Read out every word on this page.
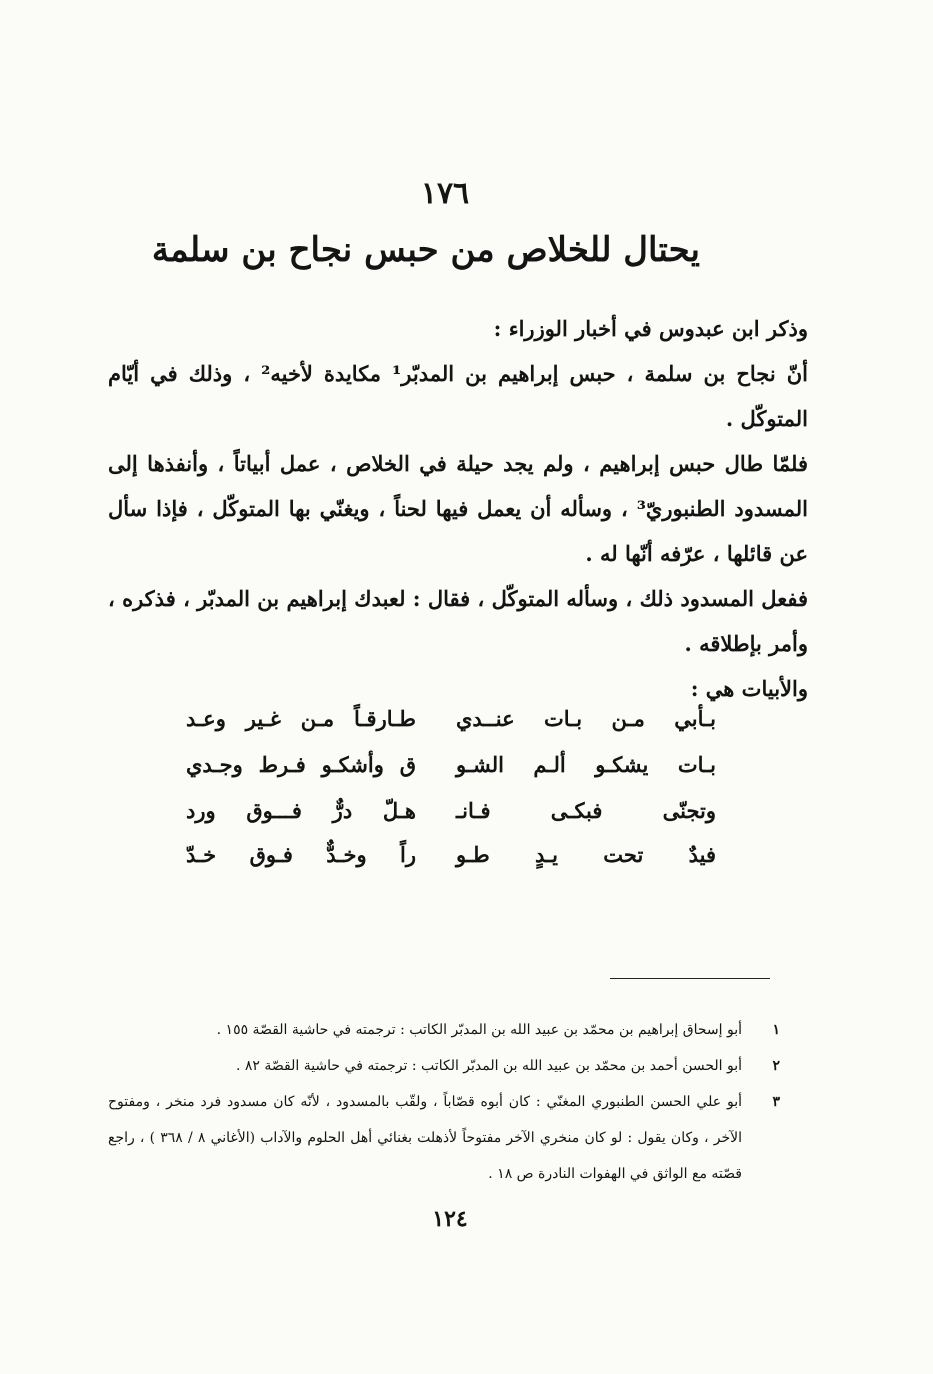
١٧٦
يحتال للخلاص من حبس نجاح بن سلمة

وذكر ابن عبدوس في أخبار الوزراء :

أنّ نجاح بن سلمة ، حبس إبراهيم بن المدبّر¹ مكايدة لأخيه² ، وذلك في أيّام المتوكّل .

فلمّا طال حبس إبراهيم ، ولم يجد حيلة في الخلاص ، عمل أبياتاً ، وأنفذها إلى المسدود الطنبوريّ³ ، وسأله أن يعمل فيها لحناً ، ويغنّي بها المتوكّل ، فإذا سأل عن قائلها ، عرّفه أنّها له .

ففعل المسدود ذلك ، وسأله المتوكّل ، فقال : لعبدك إبراهيم بن المدبّر ، فذكره ، وأمر بإطلاقه .

والأبيات هي :

بـأبي مـن بـات عنــدي
طـارقـاً مـن غـير وعـد
بـات يشكـو ألـم الشـو
ق وأشكـو فـرط وجـدي
وتجنّى فبكـى فـانـ
هـلّ درٌّ فـــوق ورد
فيدٌ تحت يـدٍ طـو
راً وخـدٌّ فـوق خـدّ
١
أبو إسحاق إبراهيم بن محمّد بن عبيد الله بن المدبّر الكاتب : ترجمته في حاشية القصّة ١٥٥ .
٢
أبو الحسن أحمد بن محمّد بن عبيد الله بن المدبّر الكاتب : ترجمته في حاشية القصّة ٨٢ .
٣
أبو علي الحسن الطنبوري المغنّي : كان أبوه قصّاباً ، ولقّب بالمسدود ، لأنّه كان مسدود فرد منخر ، ومفتوح الآخر ، وكان يقول : لو كان منخري الآخر مفتوحاً لأذهلت بغنائي أهل الحلوم والآداب (الأغاني ٨ / ٣٦٨ ) ، راجع قصّته مع الواثق في الهفوات النادرة ص ١٨ .
١٢٤
